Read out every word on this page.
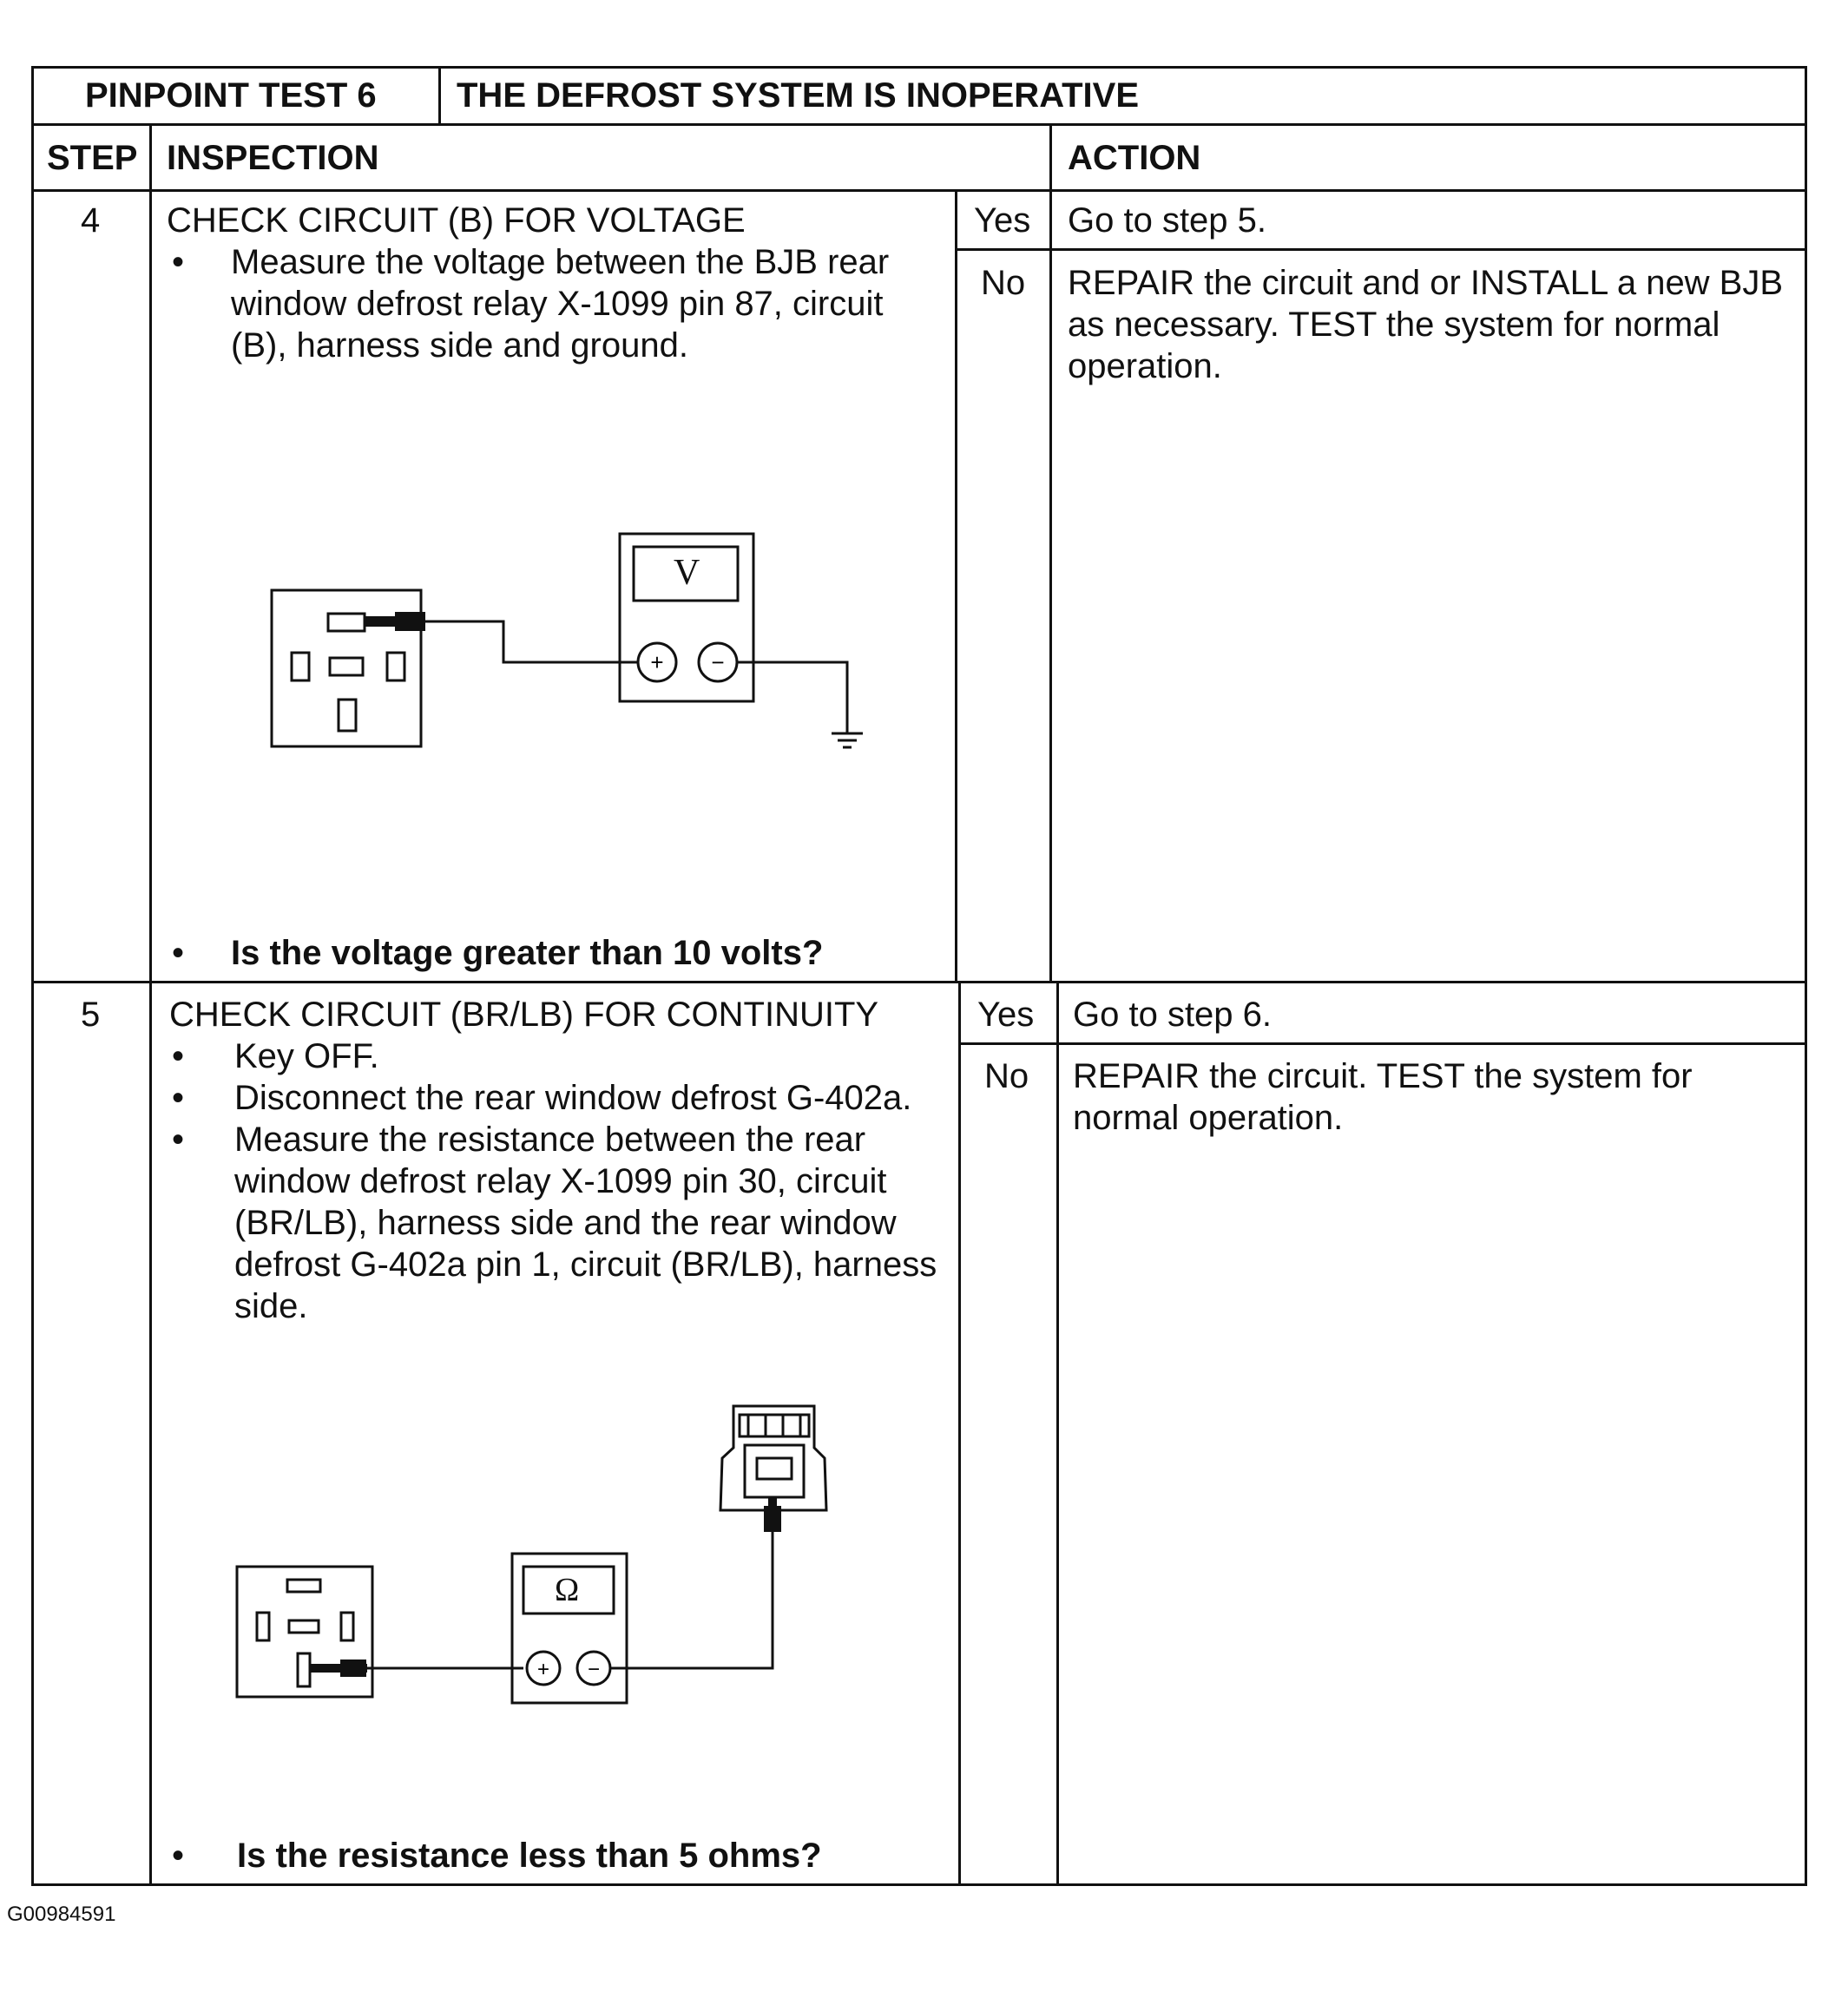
PINPOINT TEST 6 THE DEFROST SYSTEM IS INOPERATIVE
STEP INSPECTION	ACTION
4 CHECK CIRCUIT (B) FOR VOLTAGE
• Measure the voltage between the BJB rear
window defrost relay X-1099 pin 87, circuit
(B), harness side and ground.
+ −
V
• Is the voltage greater than 10 volts?
Yes Go to step 5.
No REPAIR the circuit and or INSTALL a new BJB
as necessary. TEST the system for normal
operation.
5 CHECK CIRCUIT (BR/LB) FOR CONTINUITY
• Key OFF.
• Disconnect the rear window defrost G-402a.
• Measure the resistance between the rear
window defrost relay X-1099 pin 30, circuit
(BR/LB), harness side and the rear window
defrost G-402a pin 1, circuit (BR/LB), harness
side.
+ −
Ω
• Is the resistance less than 5 ohms?
Yes Go to step 6.
No REPAIR the circuit. TEST the system for
normal operation.
G00984591
